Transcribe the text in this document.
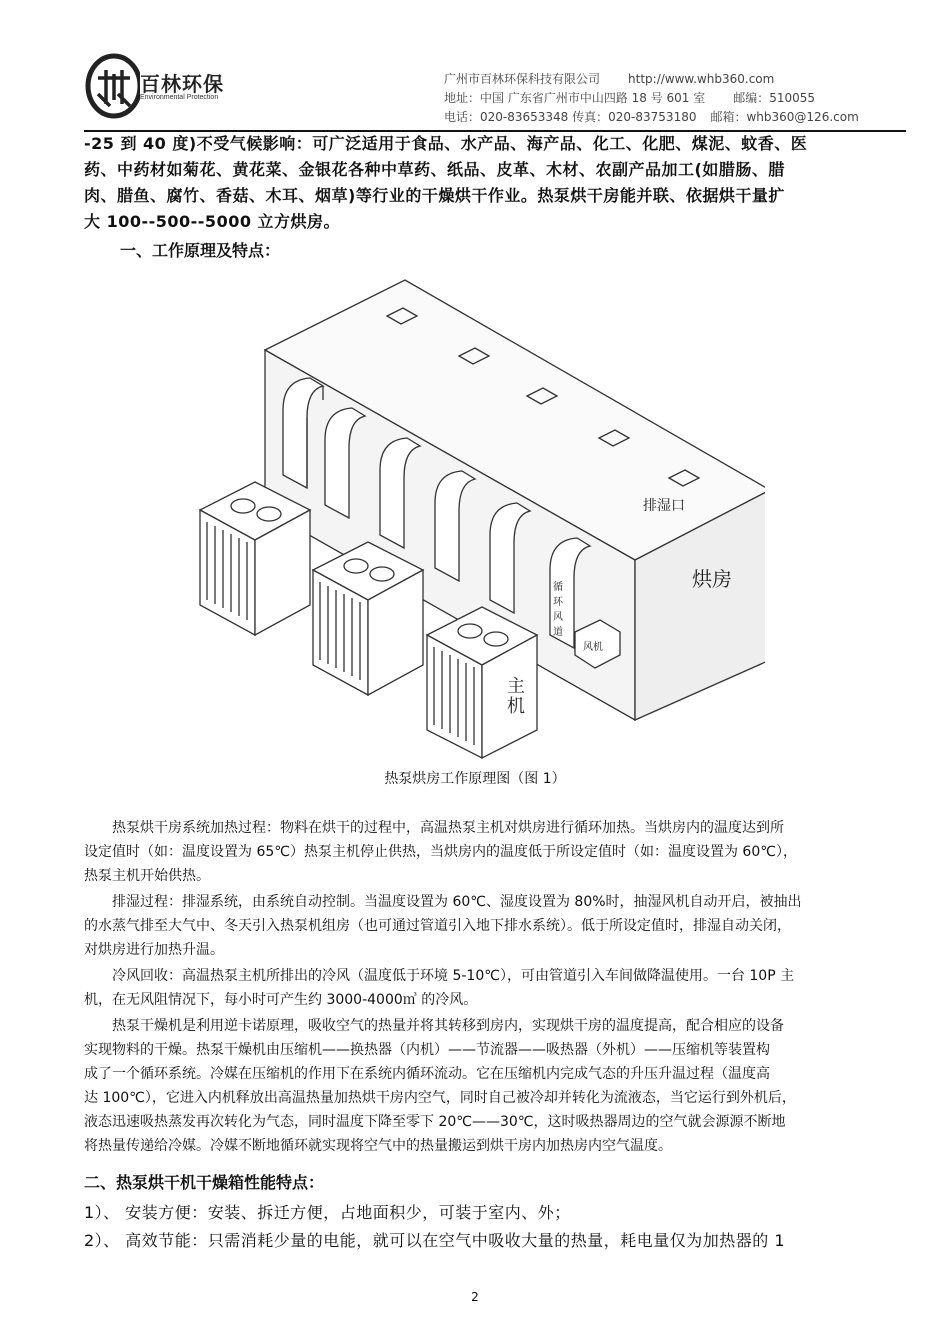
百林环保
Environmental Protection
广州市百林环保科技有限公司 http://www.whb360.com
地址：中国 广东省广州市中山四路 18 号 601 室 邮编：510055
电话：020-83653348 传真：020-83753180 邮箱：whb360@126.com
-25 到 40 度)不受气候影响：可广泛适用于食品、水产品、海产品、化工、化肥、煤泥、蚊香、医
药、中药材如菊花、黄花菜、金银花各种中草药、纸品、皮革、木材、农副产品加工(如腊肠、腊
肉、腊鱼、腐竹、香菇、木耳、烟草)等行业的干燥烘干作业。热泵烘干房能并联、依据烘干量扩
大 100--500--5000 立方烘房。
一、工作原理及特点：
排湿口
烘房
循
环
风
道
风机
主
机
热泵烘房工作原理图（图 1）
热泵烘干房系统加热过程：物料在烘干的过程中，高温热泵主机对烘房进行循环加热。当烘房内的温度达到所
设定值时（如：温度设置为 65℃）热泵主机停止供热，当烘房内的温度低于所设定值时（如：温度设置为 60℃），
热泵主机开始供热。
排湿过程：排湿系统，由系统自动控制。当温度设置为 60℃、湿度设置为 80%时，抽湿风机自动开启，被抽出
的水蒸气排至大气中、冬天引入热泵机组房（也可通过管道引入地下排水系统）。低于所设定值时，排湿自动关闭，
对烘房进行加热升温。
冷风回收：高温热泵主机所排出的冷风（温度低于环境 5-10℃），可由管道引入车间做降温使用。一台 10P 主
机，在无风阻情况下，每小时可产生约 3000-4000㎥ 的冷风。
热泵干燥机是利用逆卡诺原理，吸收空气的热量并将其转移到房内，实现烘干房的温度提高，配合相应的设备
实现物料的干燥。热泵干燥机由压缩机——换热器（内机）——节流器——吸热器（外机）——压缩机等装置构
成了一个循环系统。冷媒在压缩机的作用下在系统内循环流动。它在压缩机内完成气态的升压升温过程（温度高
达 100℃），它进入内机释放出高温热量加热烘干房内空气，同时自己被冷却并转化为流液态，当它运行到外机后，
液态迅速吸热蒸发再次转化为气态，同时温度下降至零下 20℃——30℃，这时吸热器周边的空气就会源源不断地
将热量传递给冷媒。冷媒不断地循环就实现将空气中的热量搬运到烘干房内加热房内空气温度。
二、热泵烘干机干燥箱性能特点：
1）、 安装方便：安装、拆迁方便，占地面积少，可装于室内、外；
2）、 高效节能：只需消耗少量的电能，就可以在空气中吸收大量的热量，耗电量仅为加热器的 1
2
